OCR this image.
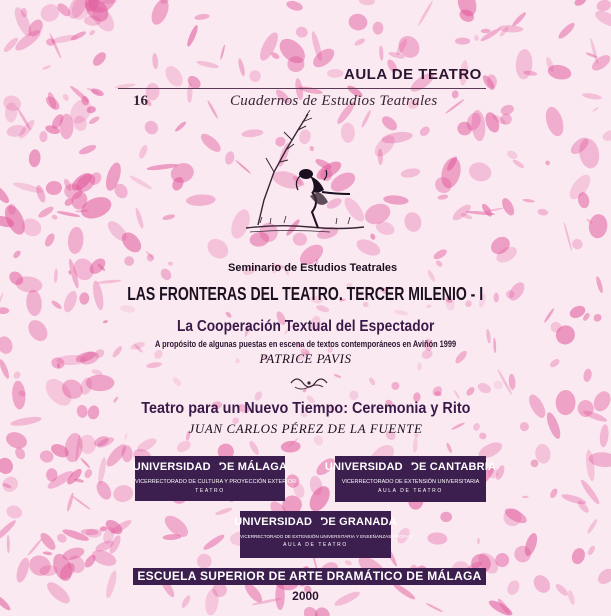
AULA DE TEATRO
16	Cuadernos de Estudios Teatrales
Seminario de Estudios Teatrales
LAS FRONTERAS DEL TEATRO. TERCER MILENIO - I
La Cooperación Textual del Espectador
A propósito de algunas puestas en escena de textos contemporáneos en Aviñón 1999
PATRICE PAVIS
Teatro para un Nuevo Tiempo: Ceremonia y Rito
JUAN CARLOS PÉREZ DE LA FUENTE
UNIVERSIDAD DE MÁLAGA
VICERRECTORADO DE CULTURA Y PROYECCIÓN EXTERIOR
TEATRO
UNIVERSIDAD DE CANTABRIA
VICERRECTORADO DE EXTENSIÓN UNIVERSITARIA
AULA DE TEATRO
UNIVERSIDAD DE GRANADA
VICERRECTORADO DE EXTENSIÓN UNIVERSITARIA Y ENSEÑANZAS PROPIAS
AULA DE TEATRO
ESCUELA SUPERIOR DE ARTE DRAMÁTICO DE MÁLAGA
2000
